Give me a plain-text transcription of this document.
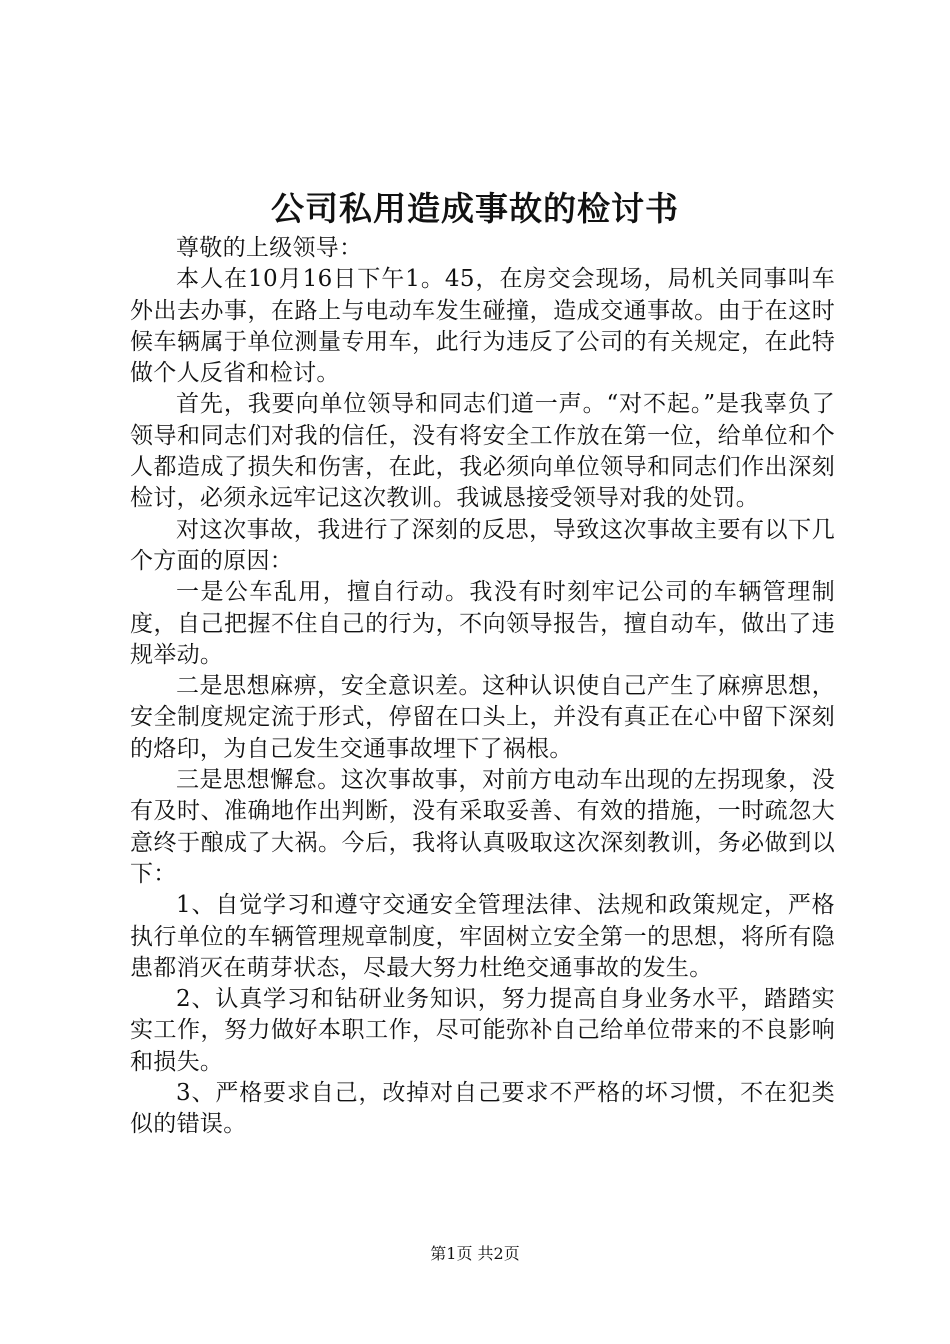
公司私用造成事故的检讨书

尊敬的上级领导：

本人在10月16日下午1。45，在房交会现场，局机关同事叫车外出去办事，在路上与电动车发生碰撞，造成交通事故。由于在这时候车辆属于单位测量专用车，此行为违反了公司的有关规定，在此特做个人反省和检讨。

首先，我要向单位领导和同志们道一声。“对不起。”是我辜负了领导和同志们对我的信任，没有将安全工作放在第一位，给单位和个人都造成了损失和伤害，在此，我必须向单位领导和同志们作出深刻检讨，必须永远牢记这次教训。我诚恳接受领导对我的处罚。

对这次事故，我进行了深刻的反思，导致这次事故主要有以下几个方面的原因：

一是公车乱用，擅自行动。我没有时刻牢记公司的车辆管理制度，自己把握不住自己的行为，不向领导报告，擅自动车，做出了违规举动。

二是思想麻痹，安全意识差。这种认识使自己产生了麻痹思想，安全制度规定流于形式，停留在口头上，并没有真正在心中留下深刻的烙印，为自己发生交通事故埋下了祸根。

三是思想懈怠。这次事故事，对前方电动车出现的左拐现象，没有及时、准确地作出判断，没有采取妥善、有效的措施，一时疏忽大意终于酿成了大祸。今后，我将认真吸取这次深刻教训，务必做到以下：

1、自觉学习和遵守交通安全管理法律、法规和政策规定，严格执行单位的车辆管理规章制度，牢固树立安全第一的思想，将所有隐患都消灭在萌芽状态，尽最大努力杜绝交通事故的发生。

2、认真学习和钻研业务知识，努力提高自身业务水平，踏踏实实工作，努力做好本职工作，尽可能弥补自己给单位带来的不良影响和损失。

3、严格要求自己，改掉对自己要求不严格的坏习惯，不在犯类似的错误。

第1页 共2页
